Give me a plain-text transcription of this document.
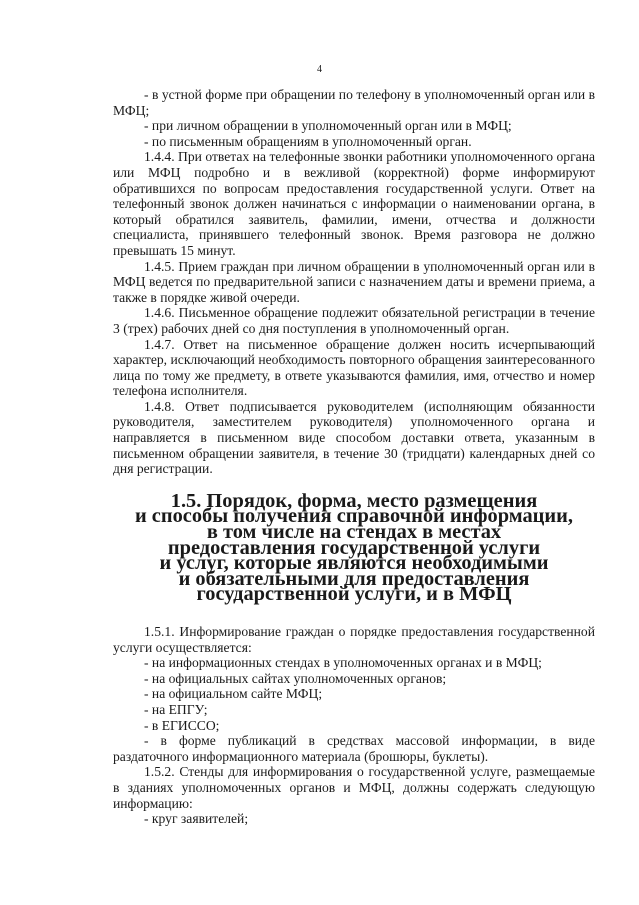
4

- в устной форме при обращении по телефону в уполномоченный орган или в МФЦ;

- при личном обращении в уполномоченный орган или в МФЦ;

- по письменным обращениям в уполномоченный орган.

1.4.4. При ответах на телефонные звонки работники уполномоченного органа или МФЦ подробно и в вежливой (корректной) форме информируют обратившихся по вопросам предоставления государственной услуги. Ответ на телефонный звонок должен начинаться с информации о наименовании органа, в который обратился заявитель, фамилии, имени, отчества и должности специалиста, принявшего телефонный звонок. Время разговора не должно превышать 15 минут.

1.4.5. Прием граждан при личном обращении в уполномоченный орган или в МФЦ ведется по предварительной записи с назначением даты и времени приема, а также в порядке живой очереди.

1.4.6. Письменное обращение подлежит обязательной регистрации в течение 3 (трех) рабочих дней со дня поступления в уполномоченный орган.

1.4.7. Ответ на письменное обращение должен носить исчерпывающий характер, исключающий необходимость повторного обращения заинтересованного лица по тому же предмету, в ответе указываются фамилия, имя, отчество и номер телефона исполнителя.

1.4.8. Ответ подписывается руководителем (исполняющим обязанности руководителя, заместителем руководителя) уполномоченного органа и направляется в письменном виде способом доставки ответа, указанным в письменном обращении заявителя, в течение 30 (тридцати) календарных дней со дня регистрации.

1.5. Порядок, форма, место размещения
и способы получения справочной информации,
в том числе на стендах в местах
предоставления государственной услуги
и услуг, которые являются необходимыми
и обязательными для предоставления
государственной услуги, и в МФЦ

1.5.1. Информирование граждан о порядке предоставления государственной услуги осуществляется:

- на информационных стендах в уполномоченных органах и в МФЦ;

- на официальных сайтах уполномоченных органов;

- на официальном сайте МФЦ;

- на ЕПГУ;

- в ЕГИССО;

- в форме публикаций в средствах массовой информации, в виде раздаточного информационного материала (брошюры, буклеты).

1.5.2. Стенды для информирования о государственной услуге, размещаемые в зданиях уполномоченных органов и МФЦ, должны содержать следующую информацию:

- круг заявителей;
